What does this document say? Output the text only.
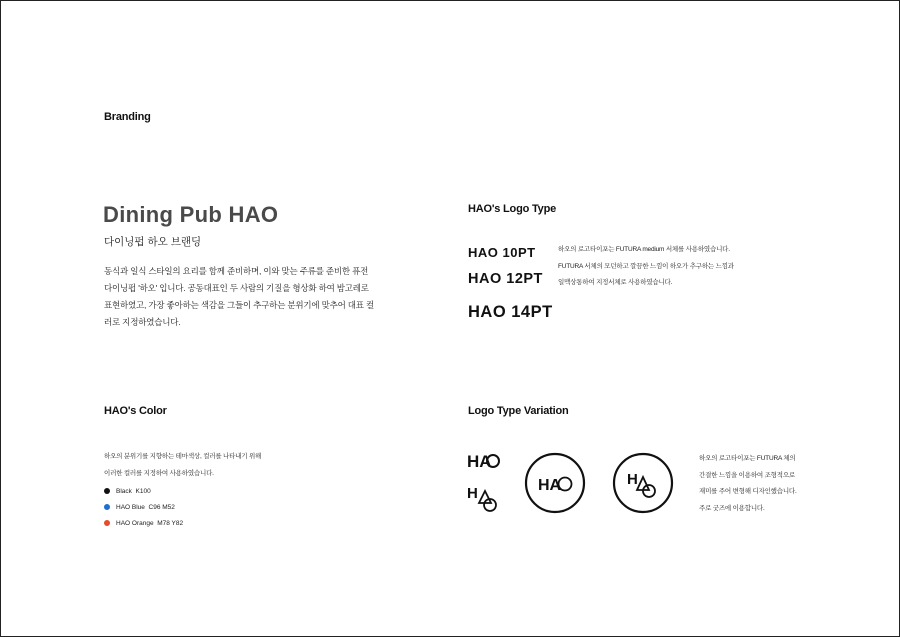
Branding
Dining Pub HAO
다이닝펍 하오 브랜딩
동식과 일식 스타일의 요리를 함께 준비하며, 이와 맞는 주류를 준비한 퓨전
다이닝펍 '하오' 입니다. 공동대표인 두 사람의 기질을 형상화 하여 밤고레로
표현하였고, 가장 좋아하는 색감을 그들이 추구하는 분위기에 맞추어 대표 컬
러로 지정하였습니다.
HAO's Logo Type
HAO 10PT
HAO 12PT
HAO 14PT
하오의 로고타이포는 FUTURA medium 서체를 사용하였습니다.
FUTURA 서체의 모던하고 깔끔한 느낌이 하오가 추구하는 느낌과
일맥상통하여 지정서체로 사용하였습니다.
HAO's Color
하오의 분위기를 지향하는 테마색상, 컬러를 나타내기 위해
이러한 컬러를 지정하여 사용하였습니다.
Black
K100
HAO Blue
C96 M52
HAO Orange
M78 Y82
Logo Type Variation
HA
H	HA	H
하오의 로고타이포는 FUTURA 체의
간결한 느낌을 이용하여 조형적으로
재미를 주어 변형해 디자인했습니다.
주로 굿즈에 이용합니다.
